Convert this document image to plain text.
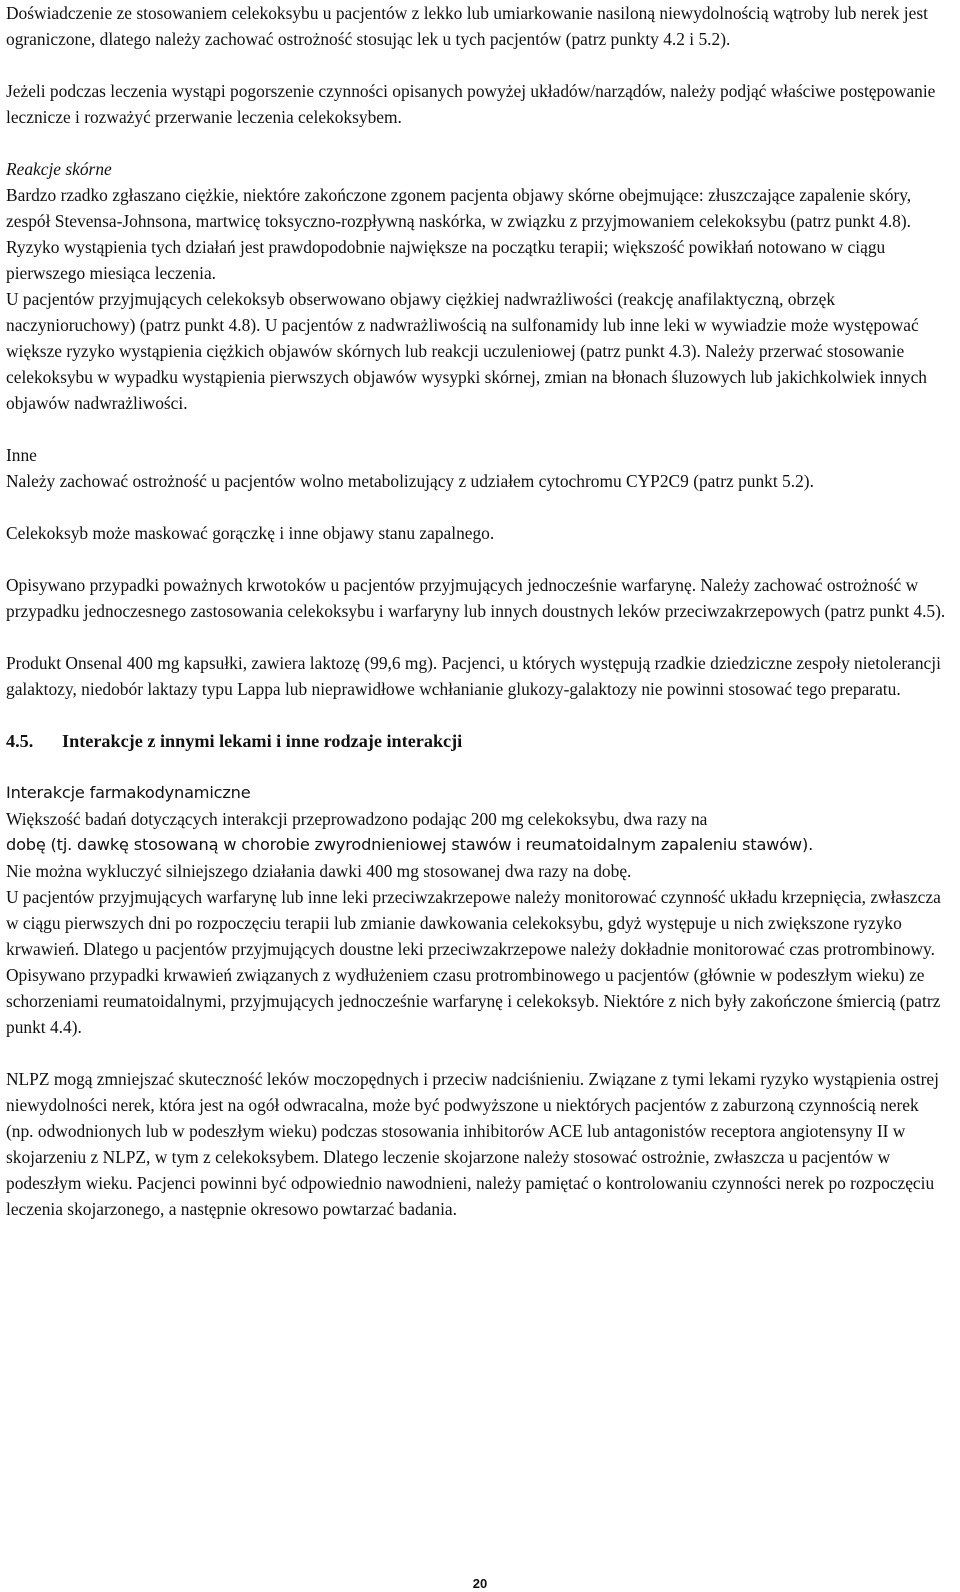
Doświadczenie ze stosowaniem celekoksybu u pacjentów z lekko lub umiarkowanie nasiloną niewydolnością wątroby lub nerek jest ograniczone, dlatego należy zachować ostrożność stosując lek u tych pacjentów (patrz punkty 4.2 i 5.2).

Jeżeli podczas leczenia wystąpi pogorszenie czynności opisanych powyżej układów/narządów, należy podjąć właściwe postępowanie lecznicze i rozważyć przerwanie leczenia celekoksybem.

Reakcje skórne

Bardzo rzadko zgłaszano ciężkie, niektóre zakończone zgonem pacjenta objawy skórne obejmujące: złuszczające zapalenie skóry, zespół Stevensa-Johnsona, martwicę toksyczno-rozpływną naskórka, w związku z przyjmowaniem celekoksybu (patrz punkt 4.8). Ryzyko wystąpienia tych działań jest prawdopodobnie największe na początku terapii; większość powikłań notowano w ciągu pierwszego miesiąca leczenia.

U pacjentów przyjmujących celekoksyb obserwowano objawy ciężkiej nadwrażliwości (reakcję anafilaktyczną, obrzęk naczynioruchowy) (patrz punkt 4.8). U pacjentów z nadwrażliwością na sulfonamidy lub inne leki w wywiadzie może występować większe ryzyko wystąpienia ciężkich objawów skórnych lub reakcji uczuleniowej (patrz punkt 4.3). Należy przerwać stosowanie celekoksybu w wypadku wystąpienia pierwszych objawów wysypki skórnej, zmian na błonach śluzowych lub jakichkolwiek innych objawów nadwrażliwości.

Inne

Należy zachować ostrożność u pacjentów wolno metabolizujący z udziałem cytochromu CYP2C9 (patrz punkt 5.2).

Celekoksyb może maskować gorączkę i inne objawy stanu zapalnego.

Opisywano przypadki poważnych krwotoków u pacjentów przyjmujących jednocześnie warfarynę. Należy zachować ostrożność w przypadku jednoczesnego zastosowania celekoksybu i warfaryny lub innych doustnych leków przeciwzakrzepowych (patrz punkt 4.5).

Produkt Onsenal 400 mg kapsułki, zawiera laktozę (99,6 mg). Pacjenci, u których występują rzadkie dziedziczne zespoły nietolerancji galaktozy, niedobór laktazy typu Lappa lub nieprawidłowe wchłanianie glukozy-galaktozy nie powinni stosować tego preparatu.

4.5.	Interakcje z innymi lekami i inne rodzaje interakcji

Interakcje farmakodynamiczne

Większość badań dotyczących interakcji przeprowadzono podając 200 mg celekoksybu, dwa razy na

dobę (tj. dawkę stosowaną w chorobie zwyrodnieniowej stawów i reumatoidalnym zapaleniu stawów).

Nie można wykluczyć silniejszego działania dawki 400 mg stosowanej dwa razy na dobę.

U pacjentów przyjmujących warfarynę lub inne leki przeciwzakrzepowe należy monitorować czynność układu krzepnięcia, zwłaszcza w ciągu pierwszych dni po rozpoczęciu terapii lub zmianie dawkowania celekoksybu, gdyż występuje u nich zwiększone ryzyko krwawień. Dlatego u pacjentów przyjmujących doustne leki przeciwzakrzepowe należy dokładnie monitorować czas protrombinowy. Opisywano przypadki krwawień związanych z wydłużeniem czasu protrombinowego u pacjentów (głównie w podeszłym wieku) ze schorzeniami reumatoidalnymi, przyjmujących jednocześnie warfarynę i celekoksyb. Niektóre z nich były zakończone śmiercią (patrz punkt 4.4).

NLPZ mogą zmniejszać skuteczność leków moczopędnych i przeciw nadciśnieniu. Związane z tymi lekami ryzyko wystąpienia ostrej niewydolności nerek, która jest na ogół odwracalna, może być podwyższone u niektórych pacjentów z zaburzoną czynnością nerek (np. odwodnionych lub w podeszłym wieku) podczas stosowania inhibitorów ACE lub antagonistów receptora angiotensyny II w skojarzeniu z NLPZ, w tym z celekoksybem. Dlatego leczenie skojarzone należy stosować ostrożnie, zwłaszcza u pacjentów w podeszłym wieku. Pacjenci powinni być odpowiednio nawodnieni, należy pamiętać o kontrolowaniu czynności nerek po rozpoczęciu leczenia skojarzonego, a następnie okresowo powtarzać badania.

20
